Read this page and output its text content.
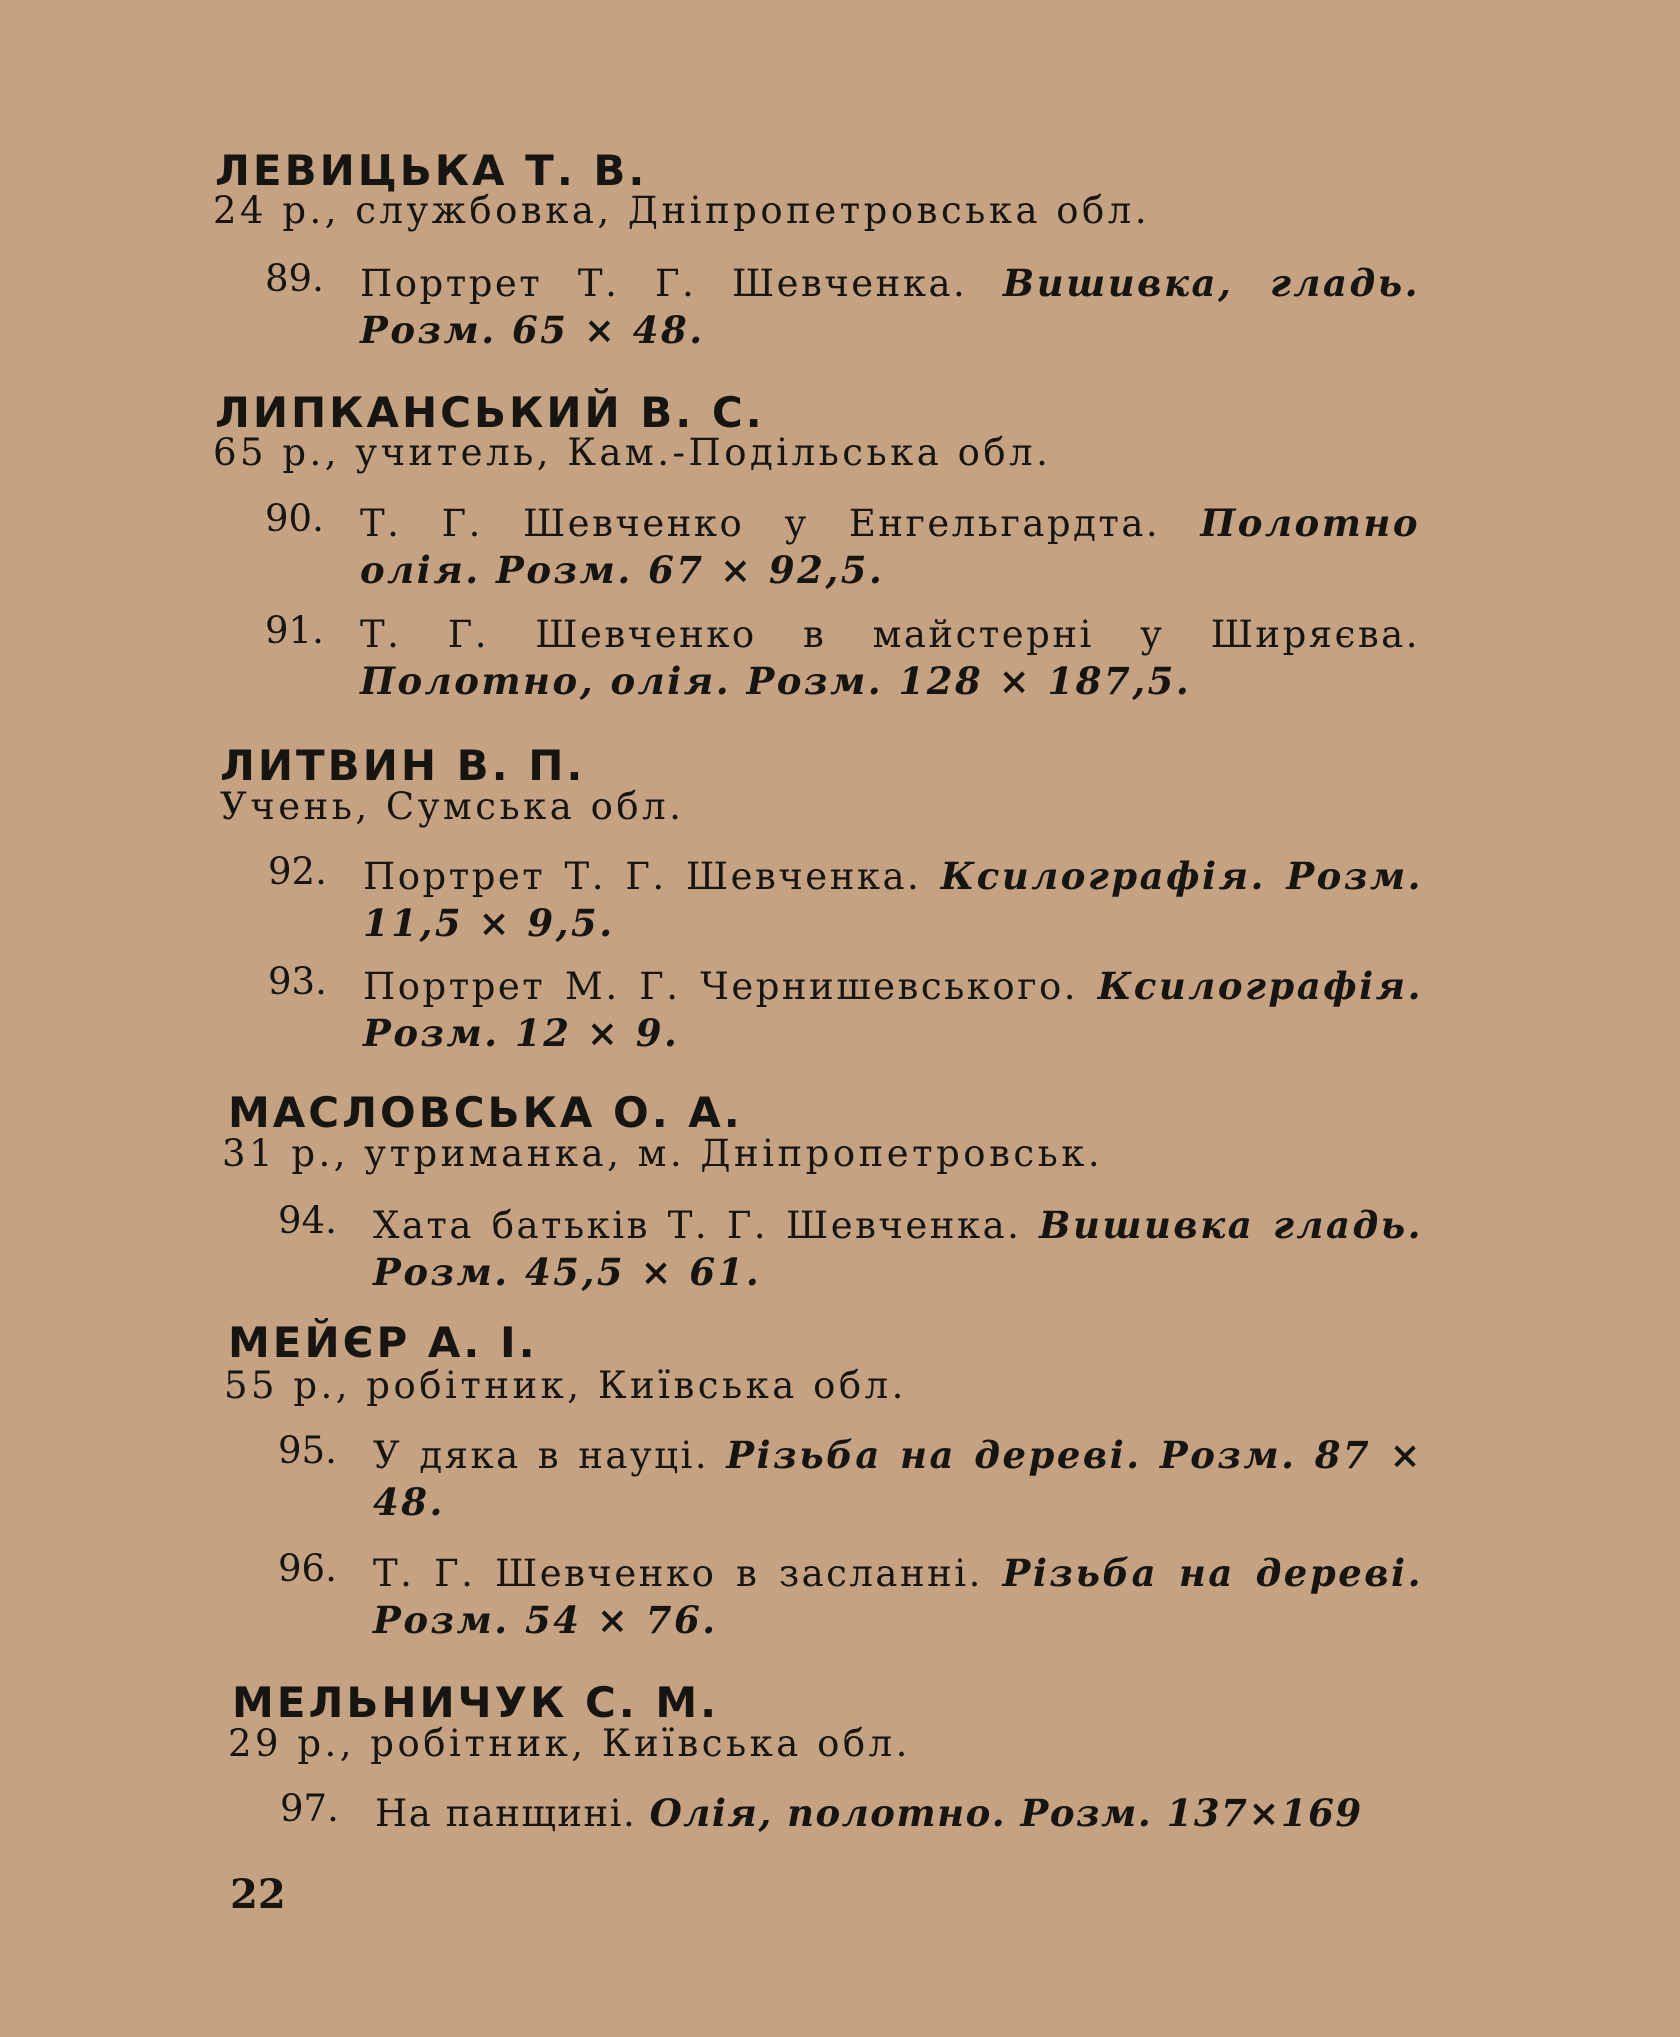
ЛЕВИЦЬКА Т. В.
24 р., службовка, Дніпропетровська обл.
89. Портрет Т. Г. Шевченка. Вишивка, гладь. Розм. 65 × 48.
ЛИПКАНСЬКИЙ В. С.
65 р., учитель, Кам.-Подільська обл.
90. Т. Г. Шевченко у Енгельгардта. Полотно олія. Розм. 67 × 92,5.
91. Т. Г. Шевченко в майстерні у Ширяєва. Полотно, олія. Розм. 128 × 187,5.
ЛИТВИН В. П.
Учень, Сумська обл.
92. Портрет Т. Г. Шевченка. Ксилографія. Розм. 11,5 × 9,5.
93. Портрет М. Г. Чернишевського. Ксилографія. Розм. 12 × 9.
МАСЛОВСЬКА О. А.
31 р., утриманка, м. Дніпропетровськ.
94. Хата батьків Т. Г. Шевченка. Вишивка гладь. Розм. 45,5 × 61.
МЕЙЄР А. І.
55 р., робітник, Київська обл.
95. У дяка в науці. Різьба на дереві. Розм. 87 × 48.
96. Т. Г. Шевченко в засланні. Різьба на дереві. Розм. 54 × 76.
МЕЛЬНИЧУК С. М.
29 р., робітник, Київська обл.
97. На панщині. Олія, полотно. Розм. 137×169
22
